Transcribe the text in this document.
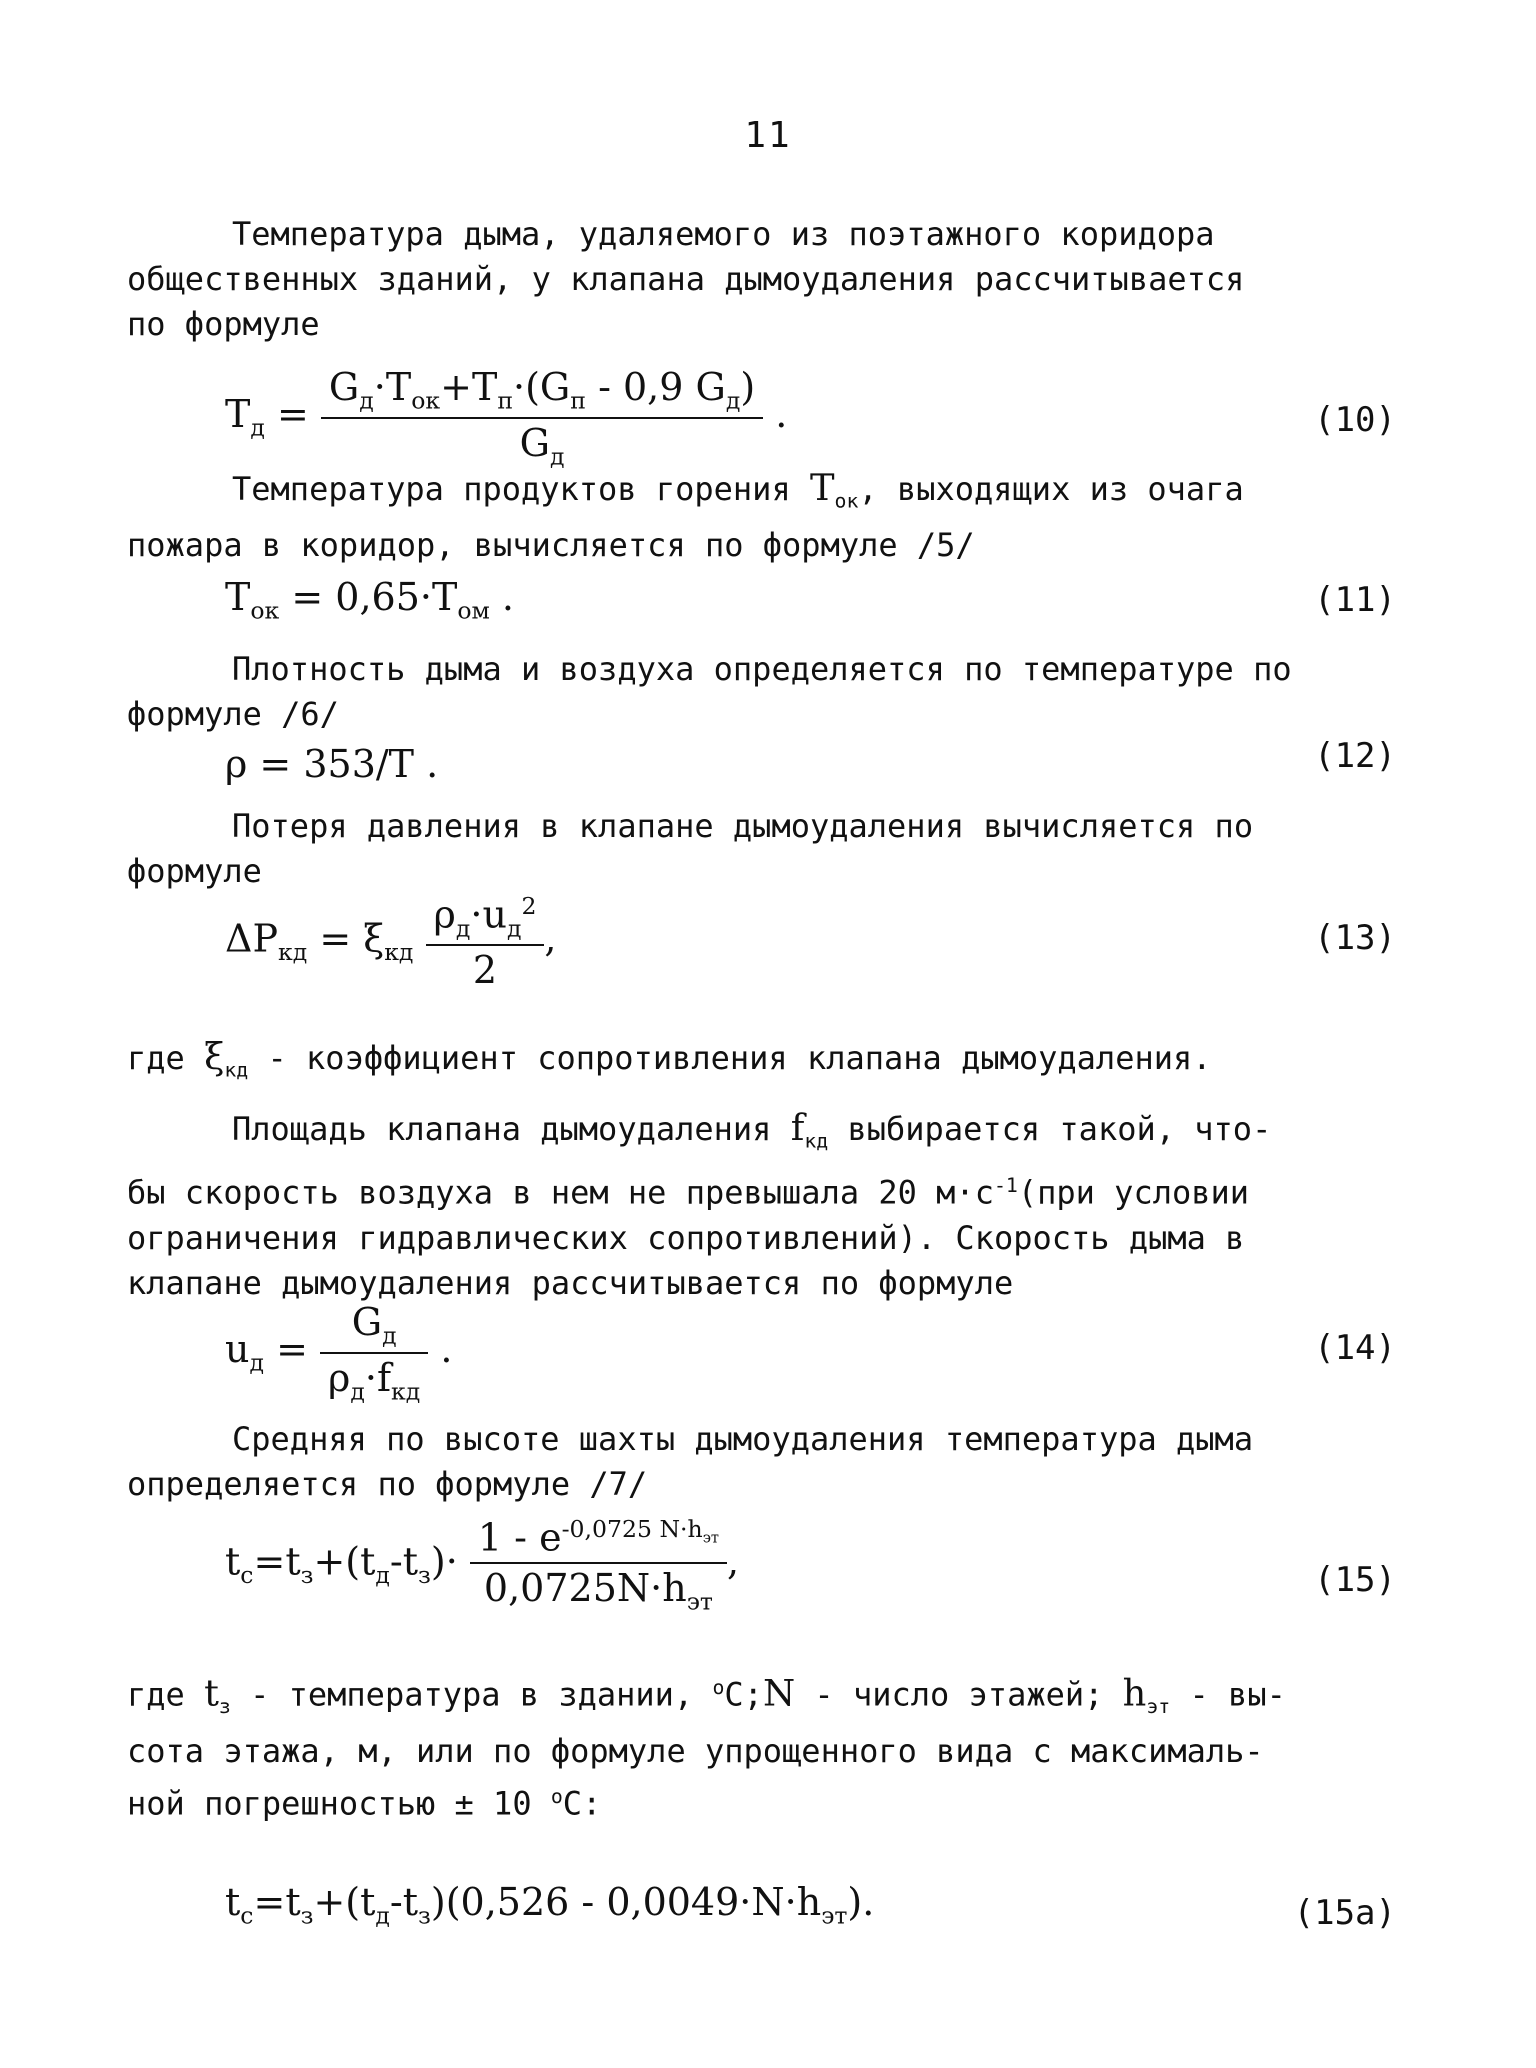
11
Температура дыма, удаляемого из поэтажного коридора
общественных зданий, у клапана дымоудаления рассчитывается
по формуле
$T_д = \frac{G_д\cdot T_{ок}+T_п\cdot(G_п - 0,9 G_д)}{G_д}$ .	(10)
Температура продуктов горения $T_{ок}$, выходящих из очага
пожара в коридор, вычисляется по формуле /5/
$T_{ок} = 0,65\cdot T_{ом}$ .	(11)
Плотность дыма и воздуха определяется по температуре по
формуле /6/
ρ = 353/T .	(12)
Потеря давления в клапане дымоудаления вычисляется по
формуле
$\Delta P_{кд} = \xi_{кд} \frac{\rho_д\cdot u_д^2}{2}$ ,	(13)
где $\xi_{кд}$ - коэффициент сопротивления клапана дымоудаления.
Площадь клапана дымоудаления $f_{кд}$ выбирается такой, что-
бы скорость воздуха в нем не превышала 20 $м\cdot с^{-1}(при$ условии
ограничения гидравлических сопротивлений). Скорость дыма в
клапане дымоудаления рассчитывается по формуле
$u_д = \frac{G_д}{\rho_д\cdot f_{кд}}$ .	(14)
Средняя по высоте шахты дымоудаления температура дыма
определяется по формуле /7/
$t_с=t_з+(t_д-t_з)\cdot \frac{1 - e^{-0,0725 N\cdot h_{эт}}}{0,0725N\cdot h_{эт}}$ ,	(15)
где $t_з$ - температура в здании, $^o$C;N - число этажей; $h_{эт} - вы-$
сота этажа, м, или по формуле упрощенного вида с максималь-
ной погрешностью ± 10 $^o$C:
$t_с=t_з+(t_д-t_з)(0,526 - 0,0049\cdot N\cdot h_{эт})$.	(15a)
